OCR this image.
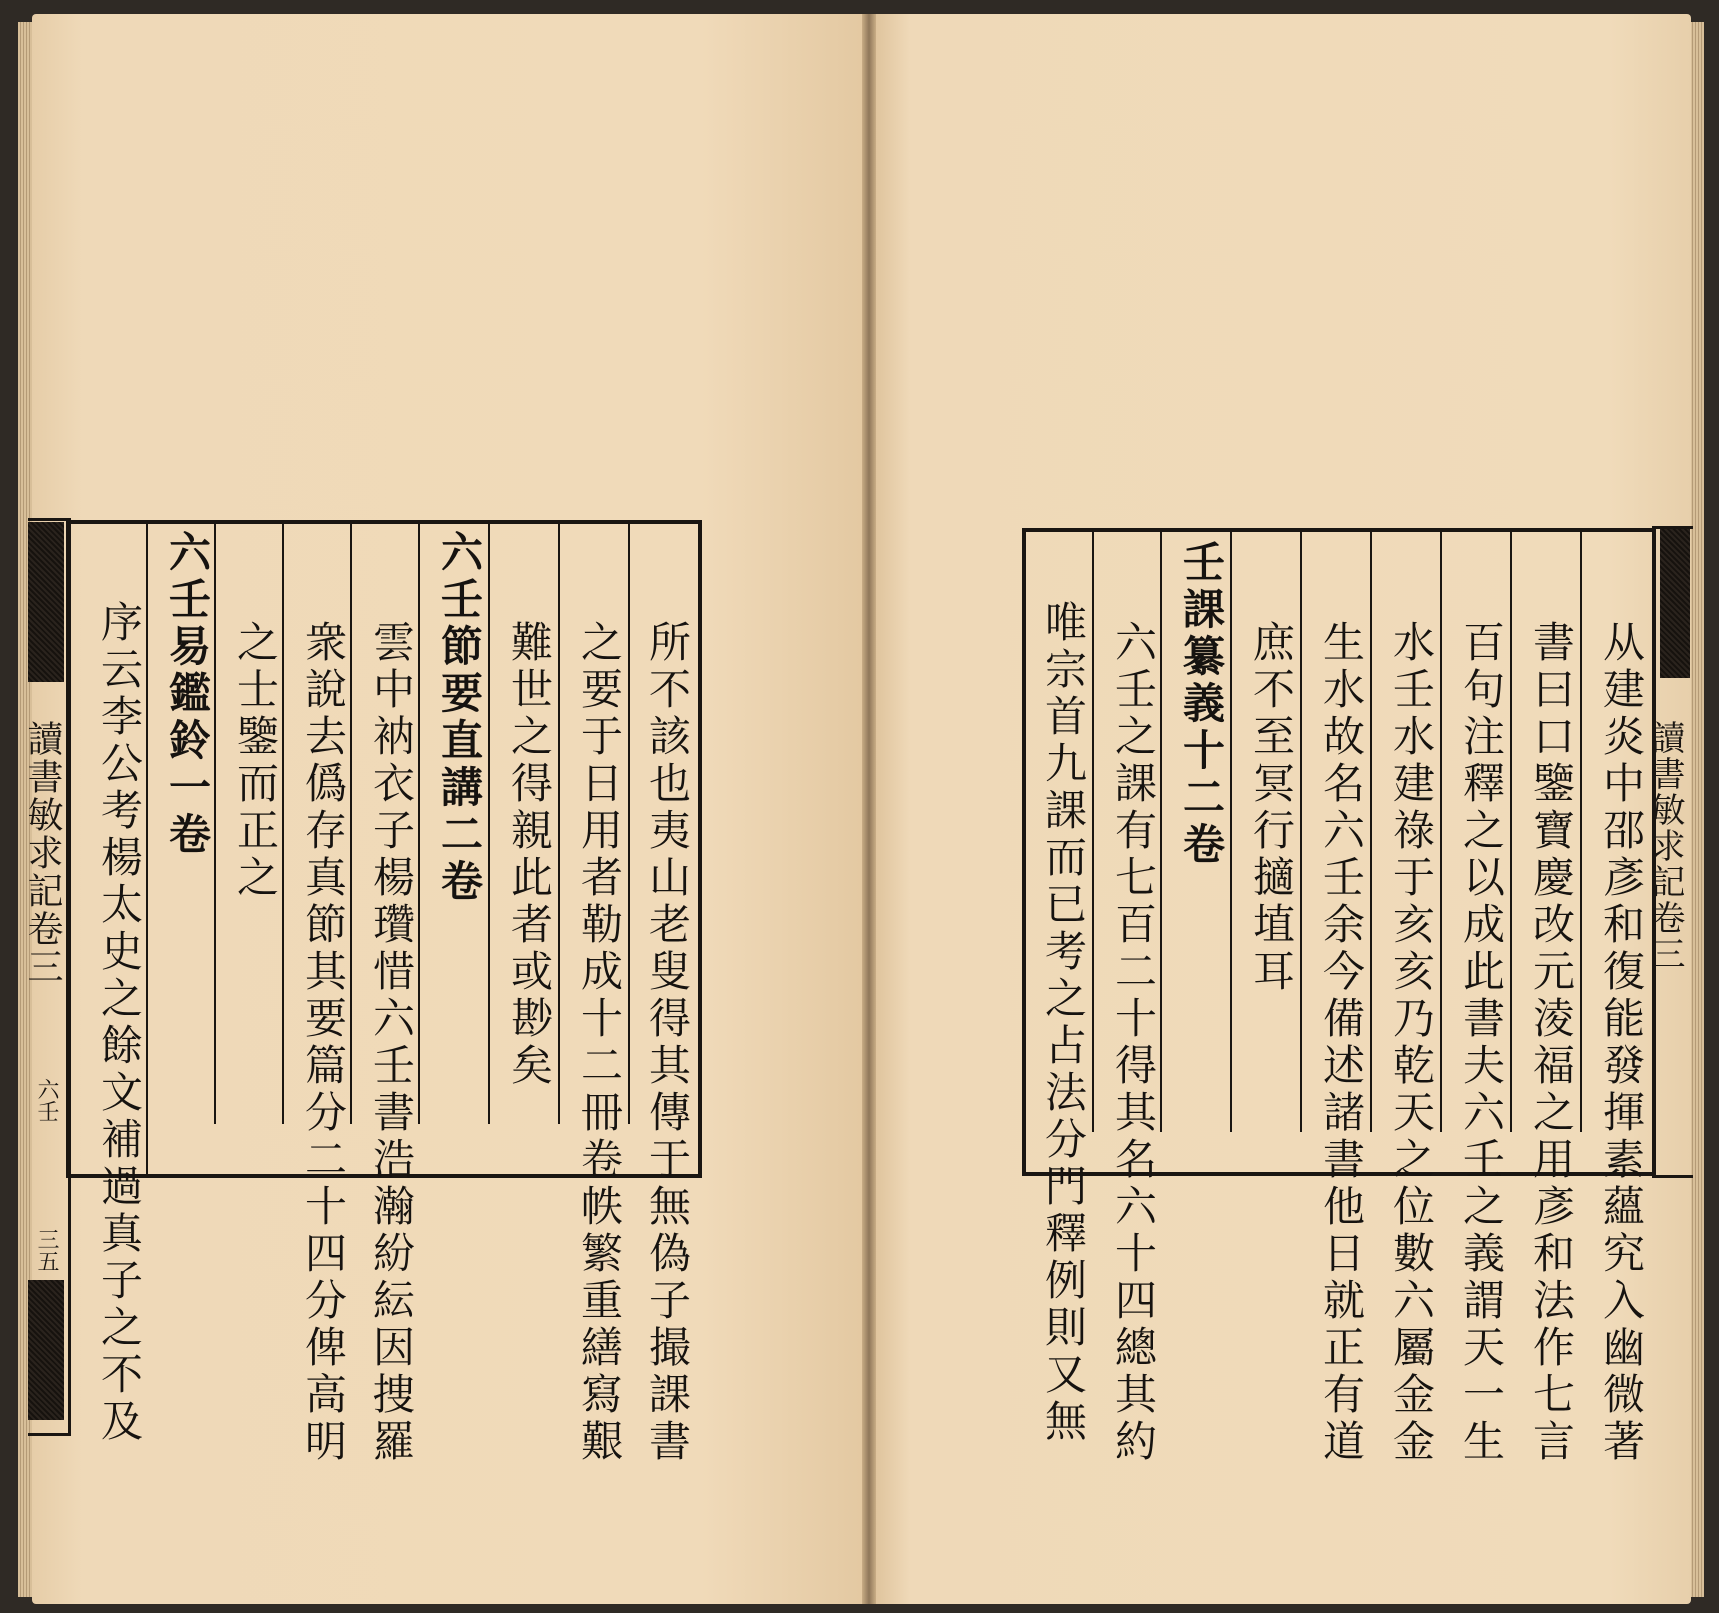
讀書敏求記卷三
六壬
三五	所不該也夷山老叟得其傳于無偽子撮課書
之要于日用者勒成十二冊卷帙繁重繕寫艱
難世之得親此者或尠矣
六壬節要直講二卷
雲中衲衣子楊瓚惜六壬書浩瀚紛紜因捜羅
衆說去僞存真節其要篇分二十四分俾高明
之士鑒而正之
六壬易鑑鈴一卷
序云李公考楊太史之餘文補過真子之不及	讀書敏求記卷三
从建炎中邵彥和復能發揮素蘊究入幽微著
書曰口鑒寶慶改元淩福之用彥和法作七言
百句注釋之以成此書夫六壬之義謂天一生
水壬水建祿于亥亥乃乾天之位數六屬金金
生水故名六壬余今備述諸書他日就正有道
庶不至冥行擿埴耳
壬課纂義十二卷
六壬之課有七百二十得其名六十四總其約
唯宗首九課而已考之占法分門釋例則又無
